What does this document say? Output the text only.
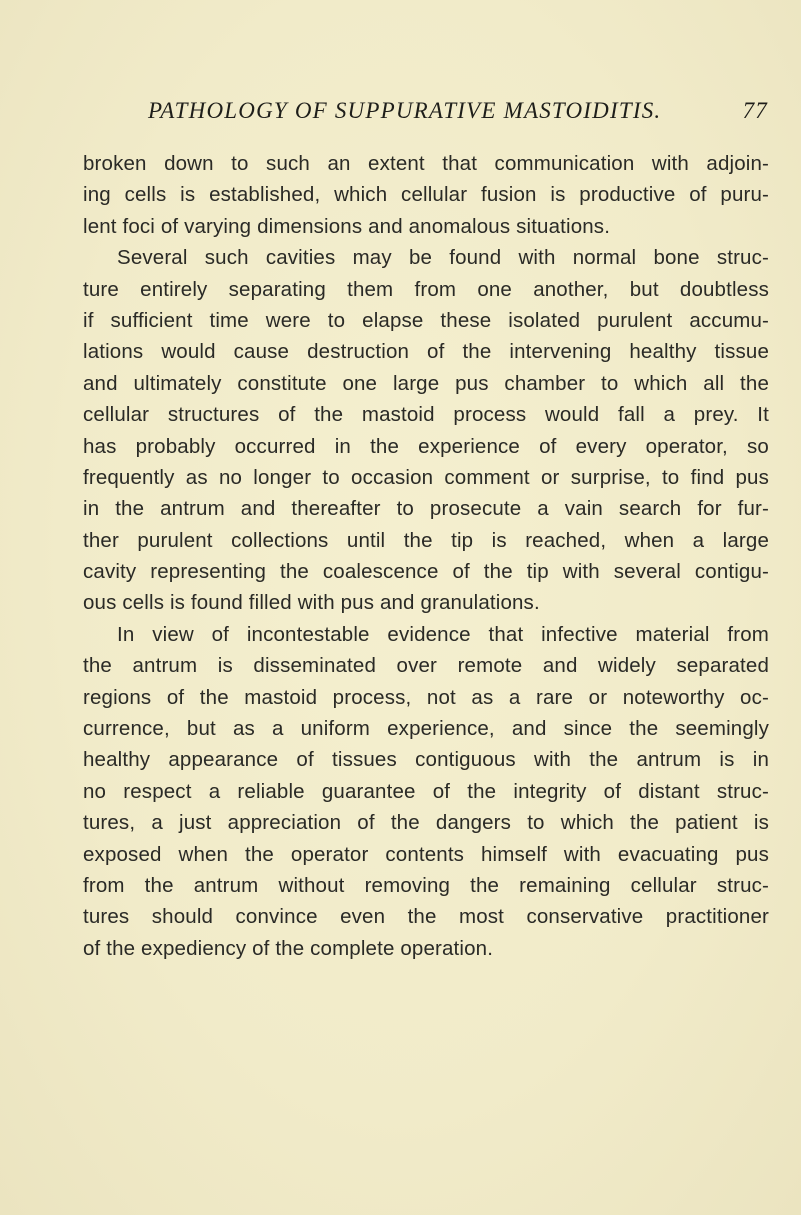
PATHOLOGY OF SUPPURATIVE MASTOIDITIS.	77
broken down to such an extent that communication with adjoin-
ing cells is established, which cellular fusion is productive of puru-
lent foci of varying dimensions and anomalous situations.
Several such cavities may be found with normal bone struc-
ture entirely separating them from one another, but doubtless
if sufficient time were to elapse these isolated purulent accumu-
lations would cause destruction of the intervening healthy tissue
and ultimately constitute one large pus chamber to which all the
cellular structures of the mastoid process would fall a prey. It
has probably occurred in the experience of every operator, so
frequently as no longer to occasion comment or surprise, to find pus
in the antrum and thereafter to prosecute a vain search for fur-
ther purulent collections until the tip is reached, when a large
cavity representing the coalescence of the tip with several contigu-
ous cells is found filled with pus and granulations.
In view of incontestable evidence that infective material from
the antrum is disseminated over remote and widely separated
regions of the mastoid process, not as a rare or noteworthy oc-
currence, but as a uniform experience, and since the seemingly
healthy appearance of tissues contiguous with the antrum is in
no respect a reliable guarantee of the integrity of distant struc-
tures, a just appreciation of the dangers to which the patient is
exposed when the operator contents himself with evacuating pus
from the antrum without removing the remaining cellular struc-
tures should convince even the most conservative practitioner
of the expediency of the complete operation.
